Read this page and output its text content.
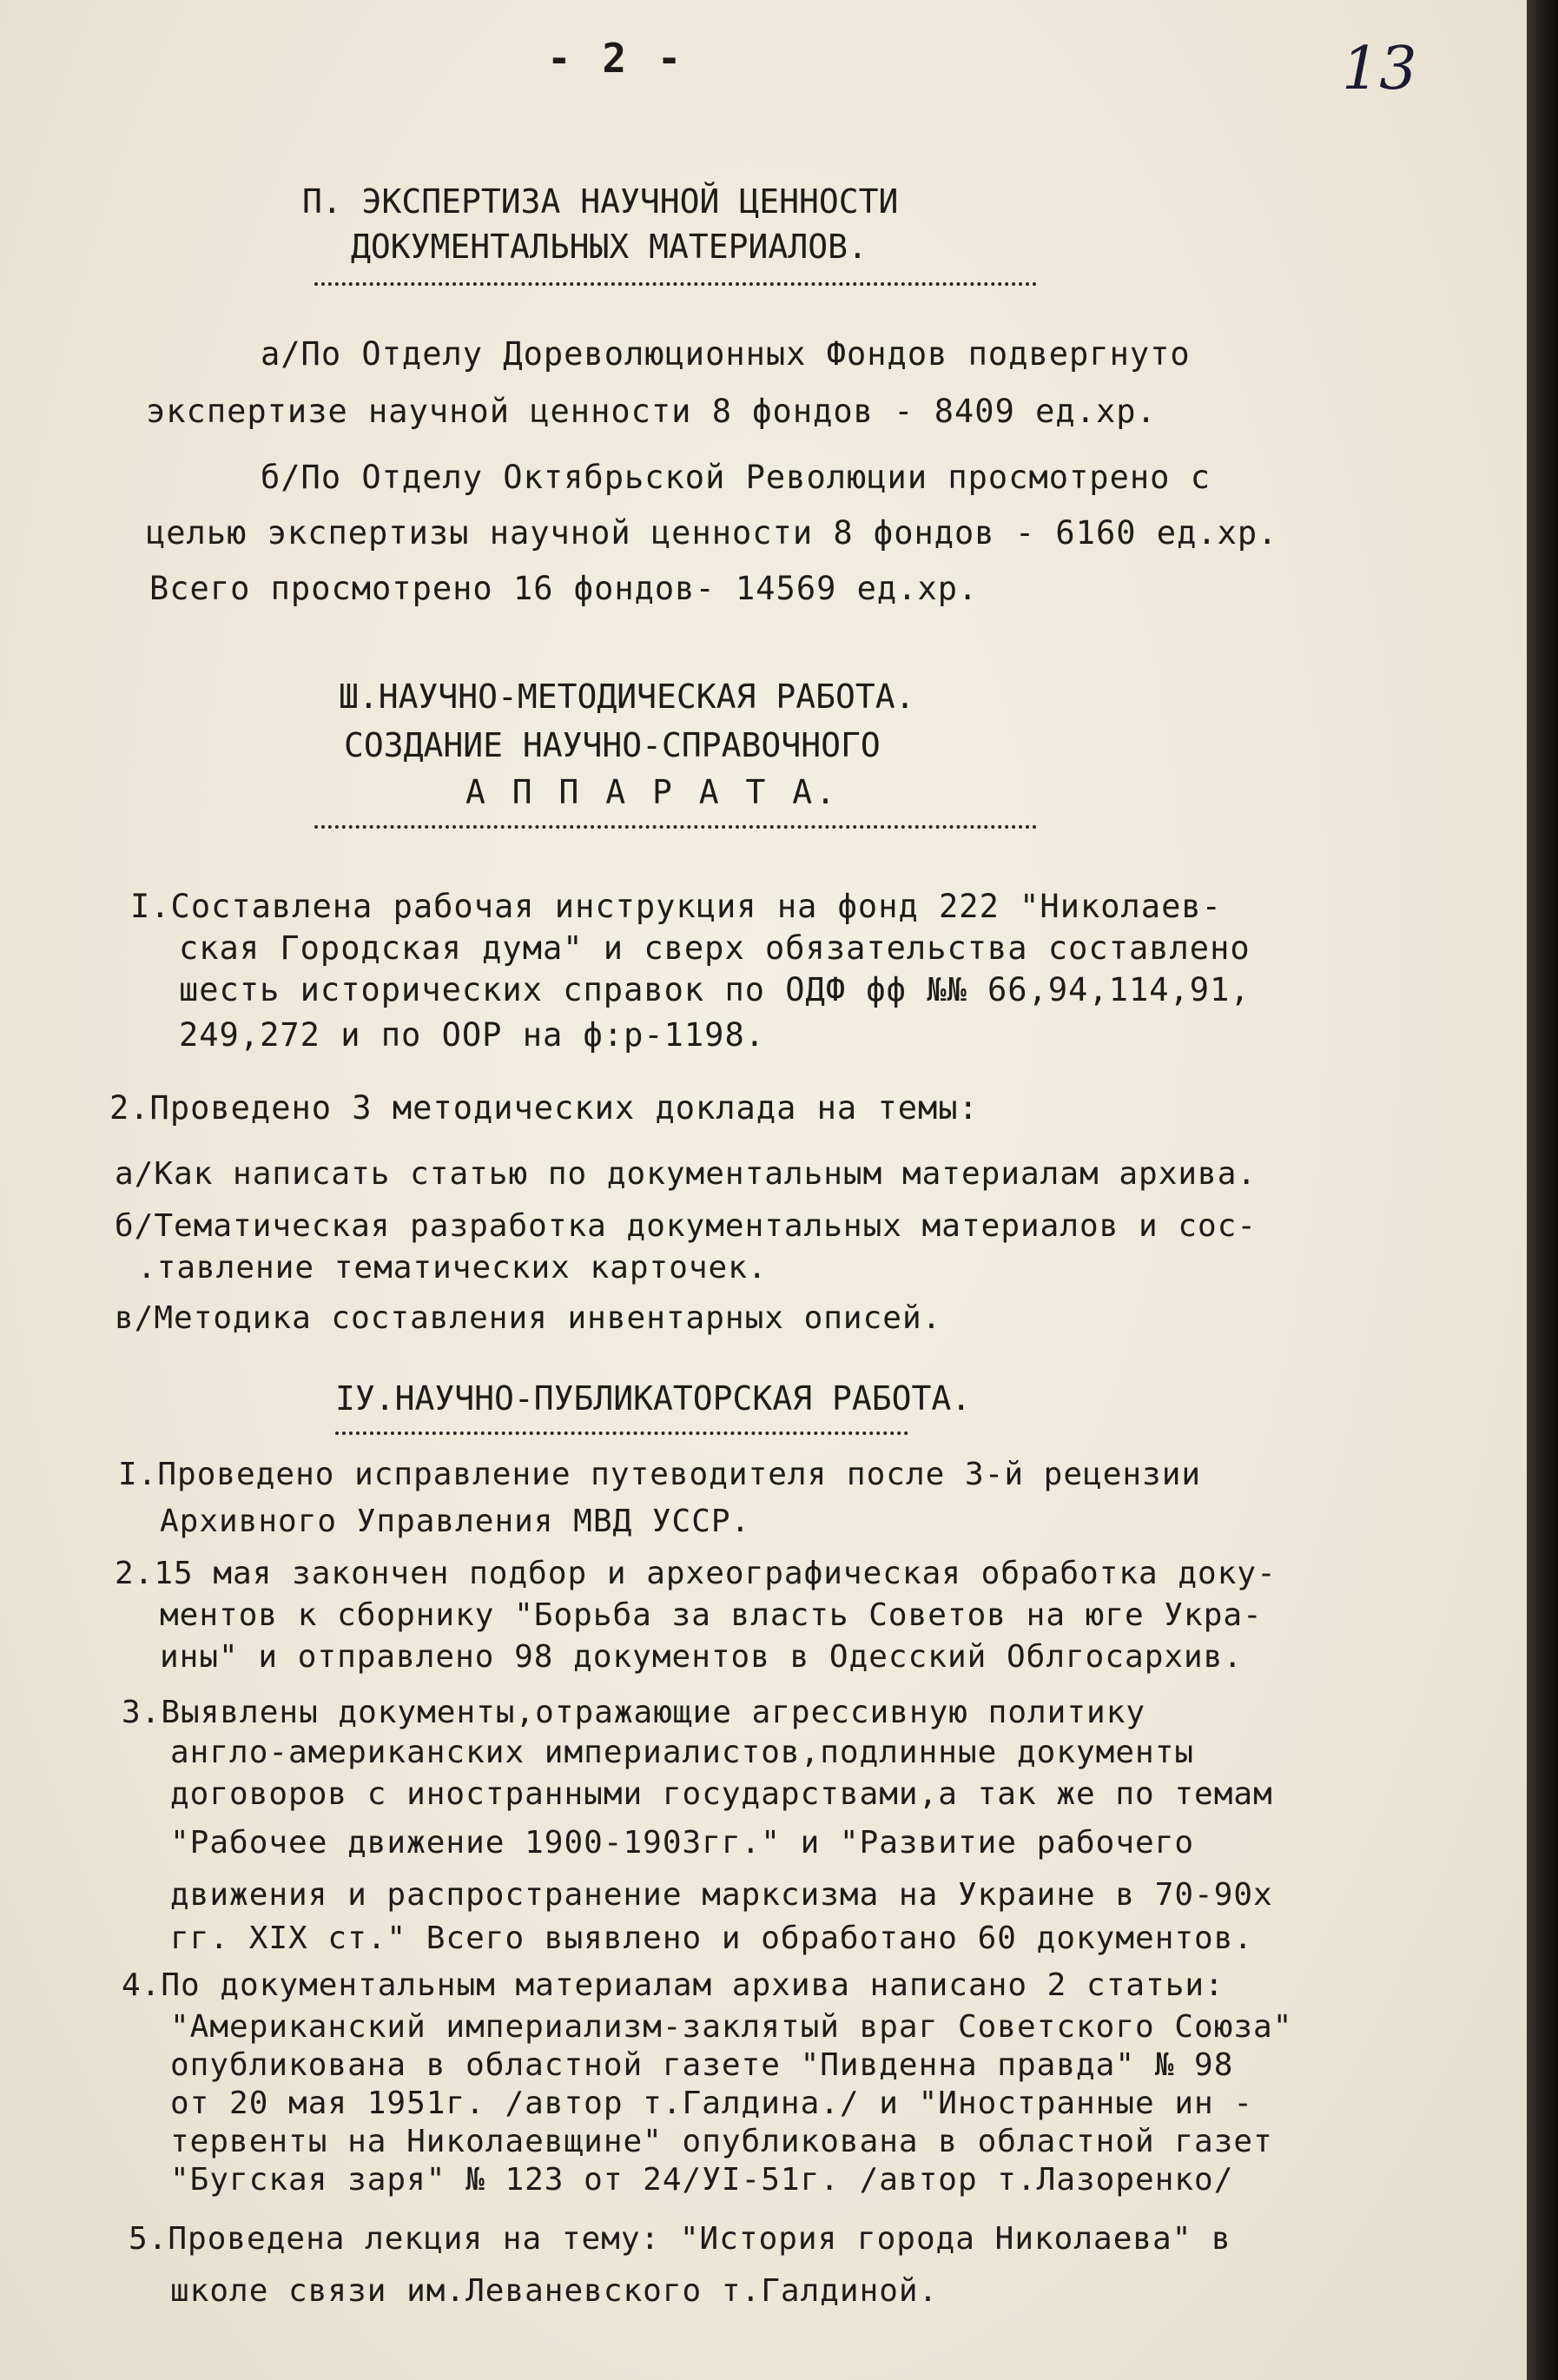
- 2 -	13
П. ЭКСПЕРТИЗА НАУЧНОЙ ЦЕННОСТИ
ДОКУМЕНТАЛЬНЫХ МАТЕРИАЛОВ.
а/По Отделу Дореволюционных Фондов подвергнуто
экспертизе научной ценности 8 фондов - 8409 ед.хр.
б/По Отделу Октябрьской Революции просмотрено с
целью экспертизы научной ценности 8 фондов - 6160 ед.хр.
Всего просмотрено 16 фондов- 14569 ед.хр.
Ш.НАУЧНО-МЕТОДИЧЕСКАЯ РАБОТА.
СОЗДАНИЕ НАУЧНО-СПРАВОЧНОГО
А П П А Р А Т А.
I.Составлена рабочая инструкция на фонд 222 "Николаев-
ская Городская дума" и сверх обязательства составлено
шесть исторических справок по ОДФ фф №№ 66,94,114,91,
249,272 и по ООР на ф:р-1198.
2.Проведено 3 методических доклада на темы:
а/Как написать статью по документальным материалам архива.
б/Тематическая разработка документальных материалов и сос-
.тавление тематических карточек.
в/Методика составления инвентарных описей.
IУ.НАУЧНО-ПУБЛИКАТОРСКАЯ РАБОТА.
I.Проведено исправление путеводителя после 3-й рецензии
Архивного Управления МВД УССР.
2.15 мая закончен подбор и археографическая обработка доку-
ментов к сборнику "Борьба за власть Советов на юге Укра-
ины" и отправлено 98 документов в Одесский Облгосархив.
3.Выявлены документы,отражающие агрессивную политику
англо-американских империалистов,подлинные документы
договоров с иностранными государствами,а так же по темам
"Рабочее движение 1900-1903гг." и "Развитие рабочего
движения и распространение марксизма на Украине в 70-90х
гг. XIX ст." Всего выявлено и обработано 60 документов.
4.По документальным материалам архива написано 2 статьи:
"Американский империализм-заклятый враг Советского Союза"
опубликована в областной газете "Пивденна правда" № 98
от 20 мая 1951г. /автор т.Галдина./ и "Иностранные ин -
тервенты на Николаевщине" опубликована в областной газет
"Бугская заря" № 123 от 24/УI-51г. /автор т.Лазоренко/
5.Проведена лекция на тему: "История города Николаева" в
школе связи им.Леваневского т.Галдиной.
